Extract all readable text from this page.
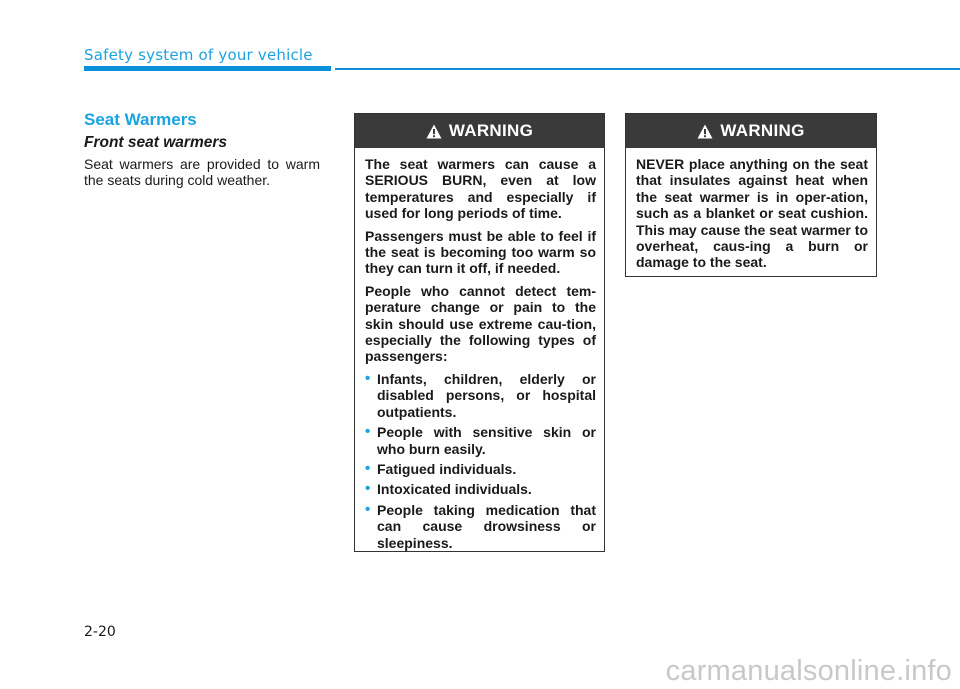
Safety system of your vehicle
Seat Warmers
Front seat warmers
Seat warmers are provided to warm the seats during cold weather.
WARNING

The seat warmers can cause a SERIOUS BURN, even at low temperatures and especially if used for long periods of time.

Passengers must be able to feel if the seat is becoming too warm so they can turn it off, if needed.

People who cannot detect tem-perature change or pain to the skin should use extreme cau-tion, especially the following types of passengers:

• Infants, children, elderly or disabled persons, or hospital outpatients.
• People with sensitive skin or who burn easily.
• Fatigued individuals.
• Intoxicated individuals.
• People taking medication that can cause drowsiness or sleepiness.
WARNING

NEVER place anything on the seat that insulates against heat when the seat warmer is in oper-ation, such as a blanket or seat cushion. This may cause the seat warmer to overheat, caus-ing a burn or damage to the seat.

2-20
carmanualsonline.info
